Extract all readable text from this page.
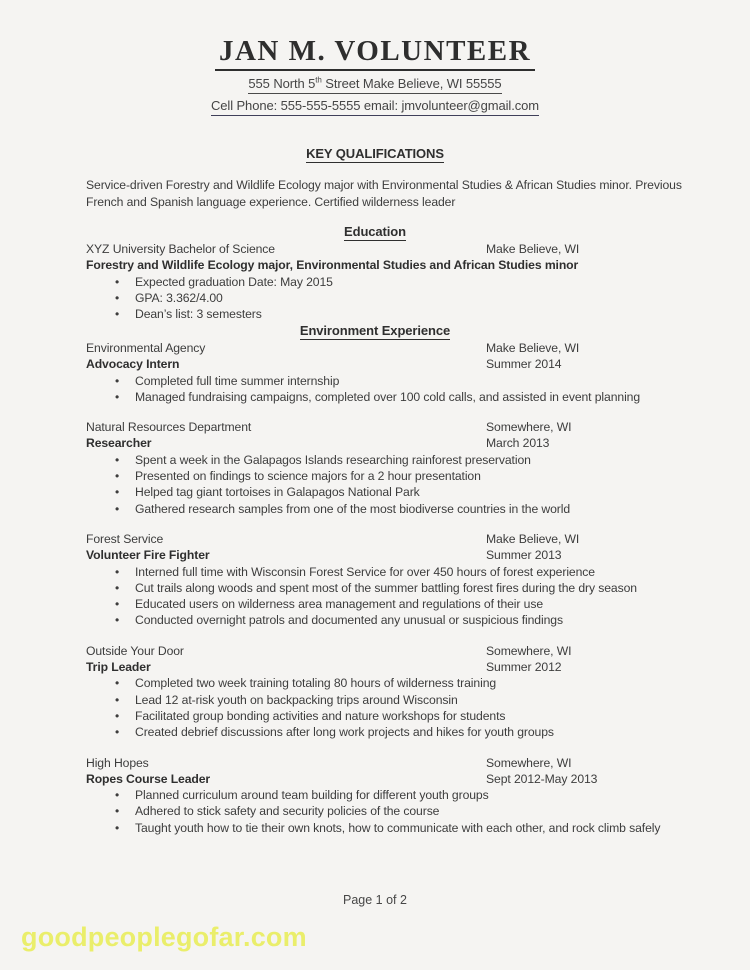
JAN M. VOLUNTEER
555 North 5th Street Make Believe, WI 55555
Cell Phone: 555-555-5555 email: jmvolunteer@gmail.com
KEY QUALIFICATIONS
Service-driven Forestry and Wildlife Ecology major with Environmental Studies & African Studies minor. Previous
French and Spanish language experience. Certified wilderness leader
Education
XYZ University Bachelor of Science	Make Believe, WI
Forestry and Wildlife Ecology major, Environmental Studies and African Studies minor
• Expected graduation Date: May 2015
• GPA: 3.362/4.00
• Dean’s list: 3 semesters
Environment Experience
Environmental Agency	Make Believe, WI
Advocacy Intern	Summer 2014
• Completed full time summer internship
• Managed fundraising campaigns, completed over 100 cold calls, and assisted in event planning
Natural Resources Department	Somewhere, WI
Researcher	March 2013
• Spent a week in the Galapagos Islands researching rainforest preservation
• Presented on findings to science majors for a 2 hour presentation
• Helped tag giant tortoises in Galapagos National Park
• Gathered research samples from one of the most biodiverse countries in the world
Forest Service	Make Believe, WI
Volunteer Fire Fighter	Summer 2013
• Interned full time with Wisconsin Forest Service for over 450 hours of forest experience
• Cut trails along woods and spent most of the summer battling forest fires during the dry season
• Educated users on wilderness area management and regulations of their use
• Conducted overnight patrols and documented any unusual or suspicious findings
Outside Your Door	Somewhere, WI
Trip Leader	Summer 2012
• Completed two week training totaling 80 hours of wilderness training
• Lead 12 at-risk youth on backpacking trips around Wisconsin
• Facilitated group bonding activities and nature workshops for students
• Created debrief discussions after long work projects and hikes for youth groups
High Hopes	Somewhere, WI
Ropes Course Leader	Sept 2012-May 2013
• Planned curriculum around team building for different youth groups
• Adhered to stick safety and security policies of the course
• Taught youth how to tie their own knots, how to communicate with each other, and rock climb safely
Page 1 of 2
goodpeoplegofar.com
